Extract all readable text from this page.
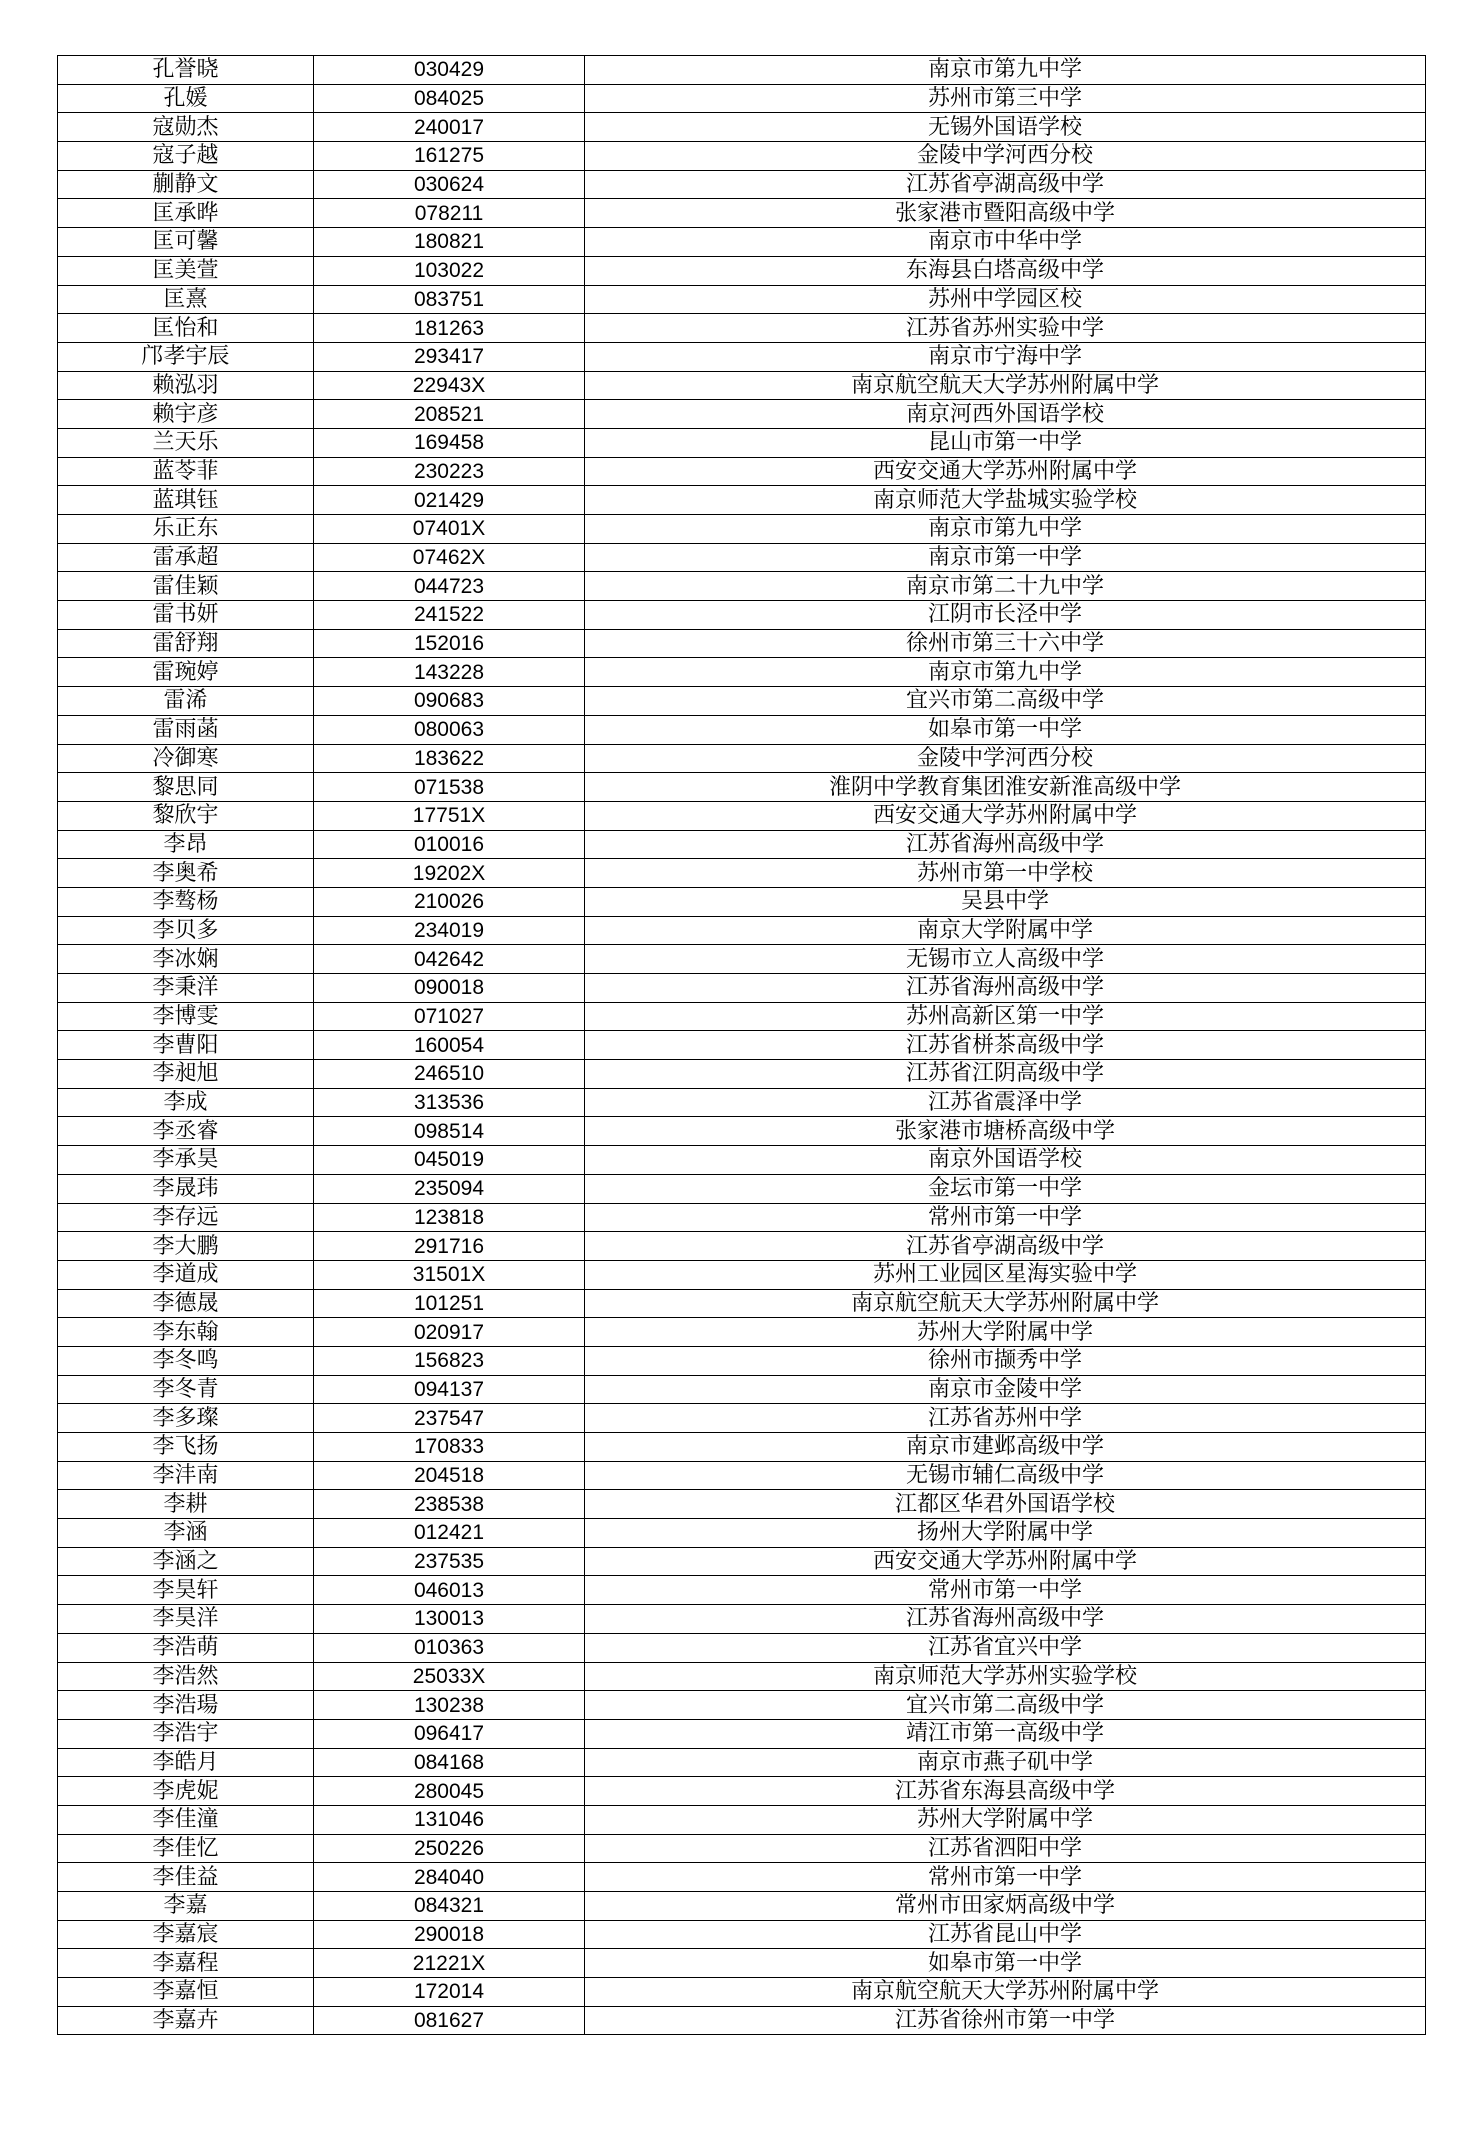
孔誉晓	030429	南京市第九中学
孔媛	084025	苏州市第三中学
寇勋杰	240017	无锡外国语学校
寇子越	161275	金陵中学河西分校
蒯静文	030624	江苏省亭湖高级中学
匡承晔	078211	张家港市暨阳高级中学
匡可馨	180821	南京市中华中学
匡美萱	103022	东海县白塔高级中学
匡熹	083751	苏州中学园区校
匡怡和	181263	江苏省苏州实验中学
邝孝宇辰	293417	南京市宁海中学
赖泓羽	22943X	南京航空航天大学苏州附属中学
赖宇彦	208521	南京河西外国语学校
兰天乐	169458	昆山市第一中学
蓝苓菲	230223	西安交通大学苏州附属中学
蓝琪钰	021429	南京师范大学盐城实验学校
乐正东	07401X	南京市第九中学
雷承超	07462X	南京市第一中学
雷佳颖	044723	南京市第二十九中学
雷书妍	241522	江阴市长泾中学
雷舒翔	152016	徐州市第三十六中学
雷琬婷	143228	南京市第九中学
雷浠	090683	宜兴市第二高级中学
雷雨菡	080063	如皋市第一中学
冷御寒	183622	金陵中学河西分校
黎思同	071538	淮阴中学教育集团淮安新淮高级中学
黎欣宇	17751X	西安交通大学苏州附属中学
李昂	010016	江苏省海州高级中学
李奥希	19202X	苏州市第一中学校
李骜杨	210026	吴县中学
李贝多	234019	南京大学附属中学
李冰娴	042642	无锡市立人高级中学
李秉洋	090018	江苏省海州高级中学
李博雯	071027	苏州高新区第一中学
李曹阳	160054	江苏省栟茶高级中学
李昶旭	246510	江苏省江阴高级中学
李成	313536	江苏省震泽中学
李丞睿	098514	张家港市塘桥高级中学
李承昊	045019	南京外国语学校
李晟玮	235094	金坛市第一中学
李存远	123818	常州市第一中学
李大鹏	291716	江苏省亭湖高级中学
李道成	31501X	苏州工业园区星海实验中学
李德晟	101251	南京航空航天大学苏州附属中学
李东翰	020917	苏州大学附属中学
李冬鸣	156823	徐州市撷秀中学
李冬青	094137	南京市金陵中学
李多璨	237547	江苏省苏州中学
李飞扬	170833	南京市建邺高级中学
李沣南	204518	无锡市辅仁高级中学
李耕	238538	江都区华君外国语学校
李涵	012421	扬州大学附属中学
李涵之	237535	西安交通大学苏州附属中学
李昊轩	046013	常州市第一中学
李昊洋	130013	江苏省海州高级中学
李浩萌	010363	江苏省宜兴中学
李浩然	25033X	南京师范大学苏州实验学校
李浩瑒	130238	宜兴市第二高级中学
李浩宇	096417	靖江市第一高级中学
李皓月	084168	南京市燕子矶中学
李虎妮	280045	江苏省东海县高级中学
李佳潼	131046	苏州大学附属中学
李佳忆	250226	江苏省泗阳中学
李佳益	284040	常州市第一中学
李嘉	084321	常州市田家炳高级中学
李嘉宸	290018	江苏省昆山中学
李嘉程	21221X	如皋市第一中学
李嘉恒	172014	南京航空航天大学苏州附属中学
李嘉卉	081627	江苏省徐州市第一中学
